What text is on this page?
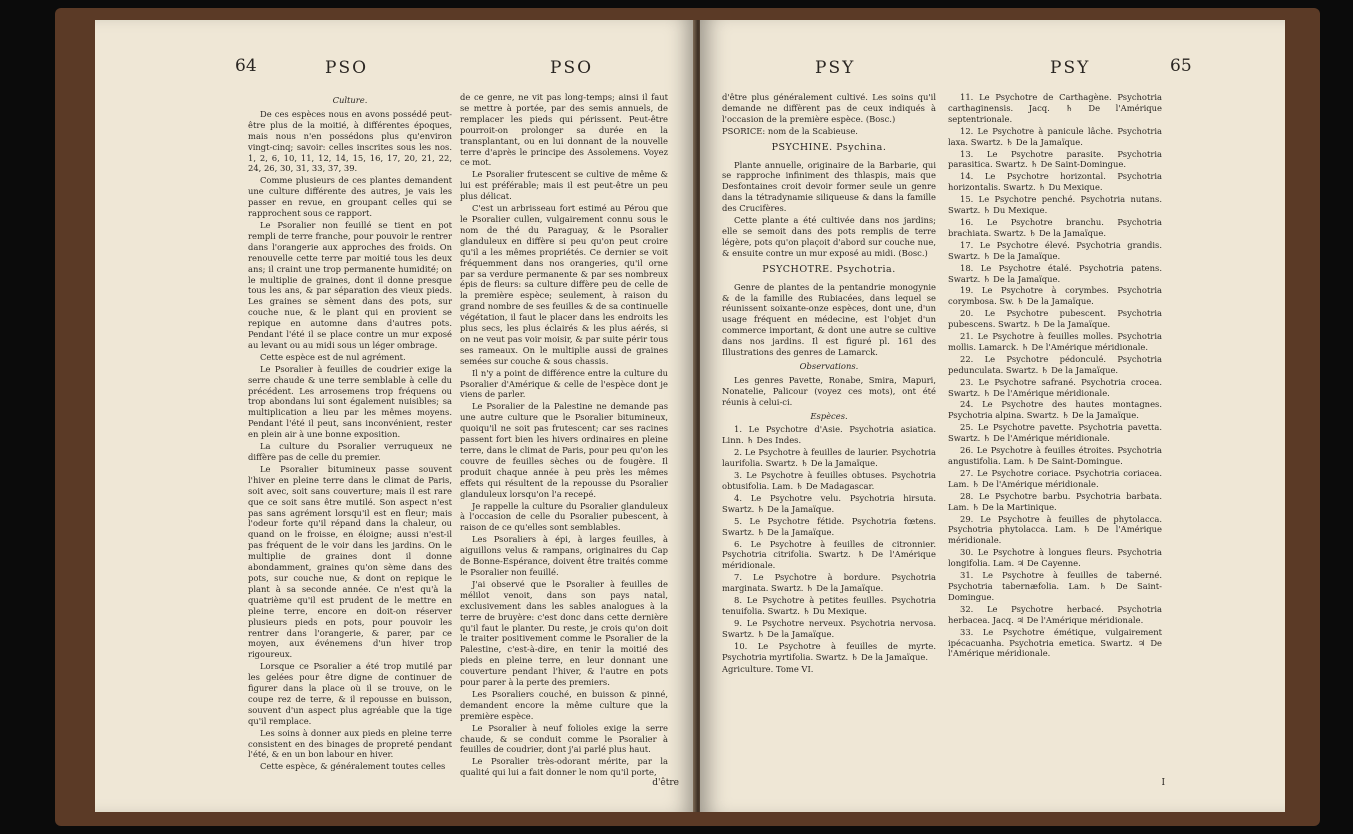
64	PSO	PSO

Culture.

De ces espèces nous en avons possédé peut-être plus de la moitié, à différentes époques, mais nous n'en possédons plus qu'environ vingt-cinq; savoir: celles inscrites sous les nos. 1, 2, 6, 10, 11, 12, 14, 15, 16, 17, 20, 21, 22, 24, 26, 30, 31, 33, 37, 39.

Comme plusieurs de ces plantes demandent une culture différente des autres, je vais les passer en revue, en groupant celles qui se rapprochent sous ce rapport.

Le Psoralier non feuillé se tient en pot rempli de terre franche, pour pouvoir le rentrer dans l'orangerie aux approches des froids. On renouvelle cette terre par moitié tous les deux ans; il craint une trop permanente humidité; on le multiplie de graines, dont il donne presque tous les ans, & par séparation des vieux pieds. Les graines se sèment dans des pots, sur couche nue, & le plant qui en provient se repique en automne dans d'autres pots. Pendant l'été il se place contre un mur exposé au levant ou au midi sous un léger ombrage.

Cette espèce est de nul agrément.

Le Psoralier à feuilles de coudrier exige la serre chaude & une terre semblable à celle du précédent. Les arrosemens trop fréquens ou trop abondans lui sont également nuisibles; sa multiplication a lieu par les mêmes moyens. Pendant l'été il peut, sans inconvénient, rester en plein air à une bonne exposition.

La culture du Psoralier verruqueux ne diffère pas de celle du premier.

Le Psoralier bitumineux passe souvent l'hiver en pleine terre dans le climat de Paris, soit avec, soit sans couverture; mais il est rare que ce soit sans être mutilé. Son aspect n'est pas sans agrément lorsqu'il est en fleur; mais l'odeur forte qu'il répand dans la chaleur, ou quand on le froisse, en éloigne; aussi n'est-il pas fréquent de le voir dans les jardins. On le multiplie de graines dont il donne abondamment, graines qu'on sème dans des pots, sur couche nue, & dont on repique le plant à sa seconde année. Ce n'est qu'à la quatrième qu'il est prudent de le mettre en pleine terre, encore en doit-on réserver plusieurs pieds en pots, pour pouvoir les rentrer dans l'orangerie, & parer, par ce moyen, aux événemens d'un hiver trop rigoureux.

Lorsque ce Psoralier a été trop mutilé par les gelées pour être digne de continuer de figurer dans la place où il se trouve, on le coupe rez de terre, & il repousse en buisson, souvent d'un aspect plus agréable que la tige qu'il remplace.

Les soins à donner aux pieds en pleine terre consistent en des binages de propreté pendant l'été, & en un bon labour en hiver.

Cette espèce, & généralement toutes celles

de ce genre, ne vit pas long-temps; ainsi il faut se mettre à portée, par des semis annuels, de remplacer les pieds qui périssent. Peut-être pourroit-on prolonger sa durée en la transplantant, ou en lui donnant de la nouvelle terre d'après le principe des Assolemens. Voyez ce mot.

Le Psoralier frutescent se cultive de même & lui est préférable; mais il est peut-être un peu plus délicat.

C'est un arbrisseau fort estimé au Pérou que le Psoralier cullen, vulgairement connu sous le nom de thé du Paraguay, & le Psoralier glanduleux en diffère si peu qu'on peut croire qu'il a les mêmes propriétés. Ce dernier se voit fréquemment dans nos orangeries, qu'il orne par sa verdure permanente & par ses nombreux épis de fleurs: sa culture diffère peu de celle de la première espèce; seulement, à raison du grand nombre de ses feuilles & de sa continuelle végétation, il faut le placer dans les endroits les plus secs, les plus éclairés & les plus aérés, si on ne veut pas voir moisir, & par suite périr tous ses rameaux. On le multiplie aussi de graines semées sur couche & sous chassis.

Il n'y a point de différence entre la culture du Psoralier d'Amérique & celle de l'espèce dont je viens de parler.

Le Psoralier de la Palestine ne demande pas une autre culture que le Psoralier bitumineux, quoiqu'il ne soit pas frutescent; car ses racines passent fort bien les hivers ordinaires en pleine terre, dans le climat de Paris, pour peu qu'on les couvre de feuilles sèches ou de fougère. Il produit chaque année à peu près les mêmes effets qui résultent de la repousse du Psoralier glanduleux lorsqu'on l'a recepé.

Je rappelle la culture du Psoralier glanduleux à l'occasion de celle du Psoralier pubescent, à raison de ce qu'elles sont semblables.

Les Psoraliers à épi, à larges feuilles, à aiguillons velus & rampans, originaires du Cap de Bonne-Espérance, doivent être traités comme le Psoralier non feuillé.

J'ai observé que le Psoralier à feuilles de mélilot venoit, dans son pays natal, exclusivement dans les sables analogues à la terre de bruyère: c'est donc dans cette dernière qu'il faut le planter. Du reste, je crois qu'on doit le traiter positivement comme le Psoralier de la Palestine, c'est-à-dire, en tenir la moitié des pieds en pleine terre, en leur donnant une couverture pendant l'hiver, & l'autre en pots pour parer à la perte des premiers.

Les Psoraliers couché, en buisson & pinné, demandent encore la même culture que la première espèce.

Le Psoralier à neuf folioles exige la serre chaude, & se conduit comme le Psoralier à feuilles de coudrier, dont j'ai parlé plus haut.

Le Psoralier très-odorant mérite, par la qualité qui lui a fait donner le nom qu'il porte,

d'être
PSY	PSY	65

d'être plus généralement cultivé. Les soins qu'il demande ne diffèrent pas de ceux indiqués à l'occasion de la première espèce. (Bosc.)

PSORICE: nom de la Scabieuse.

PSYCHINE. Psychina.

Plante annuelle, originaire de la Barbarie, qui se rapproche infiniment des thlaspis, mais que Desfontaines croit devoir former seule un genre dans la tétradynamie siliqueuse & dans la famille des Crucifères.

Cette plante a été cultivée dans nos jardins; elle se semoit dans des pots remplis de terre légère, pots qu'on plaçoit d'abord sur couche nue, & ensuite contre un mur exposé au midi. (Bosc.)

PSYCHOTRE. Psychotria.

Genre de plantes de la pentandrie monogynie & de la famille des Rubiacées, dans lequel se réunissent soixante-onze espèces, dont une, d'un usage fréquent en médecine, est l'objet d'un commerce important, & dont une autre se cultive dans nos jardins. Il est figuré pl. 161 des Illustrations des genres de Lamarck.

Observations.

Les genres Pavette, Ronabe, Smira, Mapuri, Nonatelie, Palicour (voyez ces mots), ont été réunis à celui-ci.

Espèces.

1. Le Psychotre d'Asie. Psychotria asiatica. Linn. ♄ Des Indes.

2. Le Psychotre à feuilles de laurier. Psychotria laurifolia. Swartz. ♄ De la Jamaïque.

3. Le Psychotre à feuilles obtuses. Psychotria obtusifolia. Lam. ♄ De Madagascar.

4. Le Psychotre velu. Psychotria hirsuta. Swartz. ♄ De la Jamaïque.

5. Le Psychotre fétide. Psychotria fœtens. Swartz. ♄ De la Jamaïque.

6. Le Psychotre à feuilles de citronnier. Psychotria citrifolia. Swartz. ♄ De l'Amérique méridionale.

7. Le Psychotre à bordure. Psychotria marginata. Swartz. ♄ De la Jamaïque.

8. Le Psychotre à petites feuilles. Psychotria tenuifolia. Swartz. ♄ Du Mexique.

9. Le Psychotre nerveux. Psychotria nervosa. Swartz. ♄ De la Jamaïque.

10. Le Psychotre à feuilles de myrte. Psychotria myrtifolia. Swartz. ♄ De la Jamaïque.

Agriculture. Tome VI.

11. Le Psychotre de Carthagène. Psychotria carthaginensis. Jacq. ♄ De l'Amérique septentrionale.

12. Le Psychotre à panicule lâche. Psychotria laxa. Swartz. ♄ De la Jamaïque.

13. Le Psychotre parasite. Psychotria parasitica. Swartz. ♄ De Saint-Domingue.

14. Le Psychotre horizontal. Psychotria horizontalis. Swartz. ♄ Du Mexique.

15. Le Psychotre penché. Psychotria nutans. Swartz. ♄ Du Mexique.

16. Le Psychotre branchu. Psychotria brachiata. Swartz. ♄ De la Jamaïque.

17. Le Psychotre élevé. Psychotria grandis. Swartz. ♄ De la Jamaïque.

18. Le Psychotre étalé. Psychotria patens. Swartz. ♄ De la Jamaïque.

19. Le Psychotre à corymbes. Psychotria corymbosa. Sw. ♄ De la Jamaïque.

20. Le Psychotre pubescent. Psychotria pubescens. Swartz. ♄ De la Jamaïque.

21. Le Psychotre à feuilles molles. Psychotria mollis. Lamarck. ♄ De l'Amérique méridionale.

22. Le Psychotre pédonculé. Psychotria pedunculata. Swartz. ♄ De la Jamaïque.

23. Le Psychotre safrané. Psychotria crocea. Swartz. ♄ De l'Amérique méridionale.

24. Le Psychotre des hautes montagnes. Psychotria alpina. Swartz. ♄ De la Jamaïque.

25. Le Psychotre pavette. Psychotria pavetta. Swartz. ♄ De l'Amérique méridionale.

26. Le Psychotre à feuilles étroites. Psychotria angustifolia. Lam. ♄ De Saint-Domingue.

27. Le Psychotre coriace. Psychotria coriacea. Lam. ♄ De l'Amérique méridionale.

28. Le Psychotre barbu. Psychotria barbata. Lam. ♄ De la Martinique.

29. Le Psychotre à feuilles de phytolacca. Psychotria phytolacca. Lam. ♄ De l'Amérique méridionale.

30. Le Psychotre à longues fleurs. Psychotria longifolia. Lam. ♃ De Cayenne.

31. Le Psychotre à feuilles de taberné. Psychotria tabernæfolia. Lam. ♄ De Saint-Domingue.

32. Le Psychotre herbacé. Psychotria herbacea. Jacq. ♃ De l'Amérique méridionale.

33. Le Psychotre émétique, vulgairement ipécacuanha. Psychotria emetica. Swartz. ♃ De l'Amérique méridionale.

I
